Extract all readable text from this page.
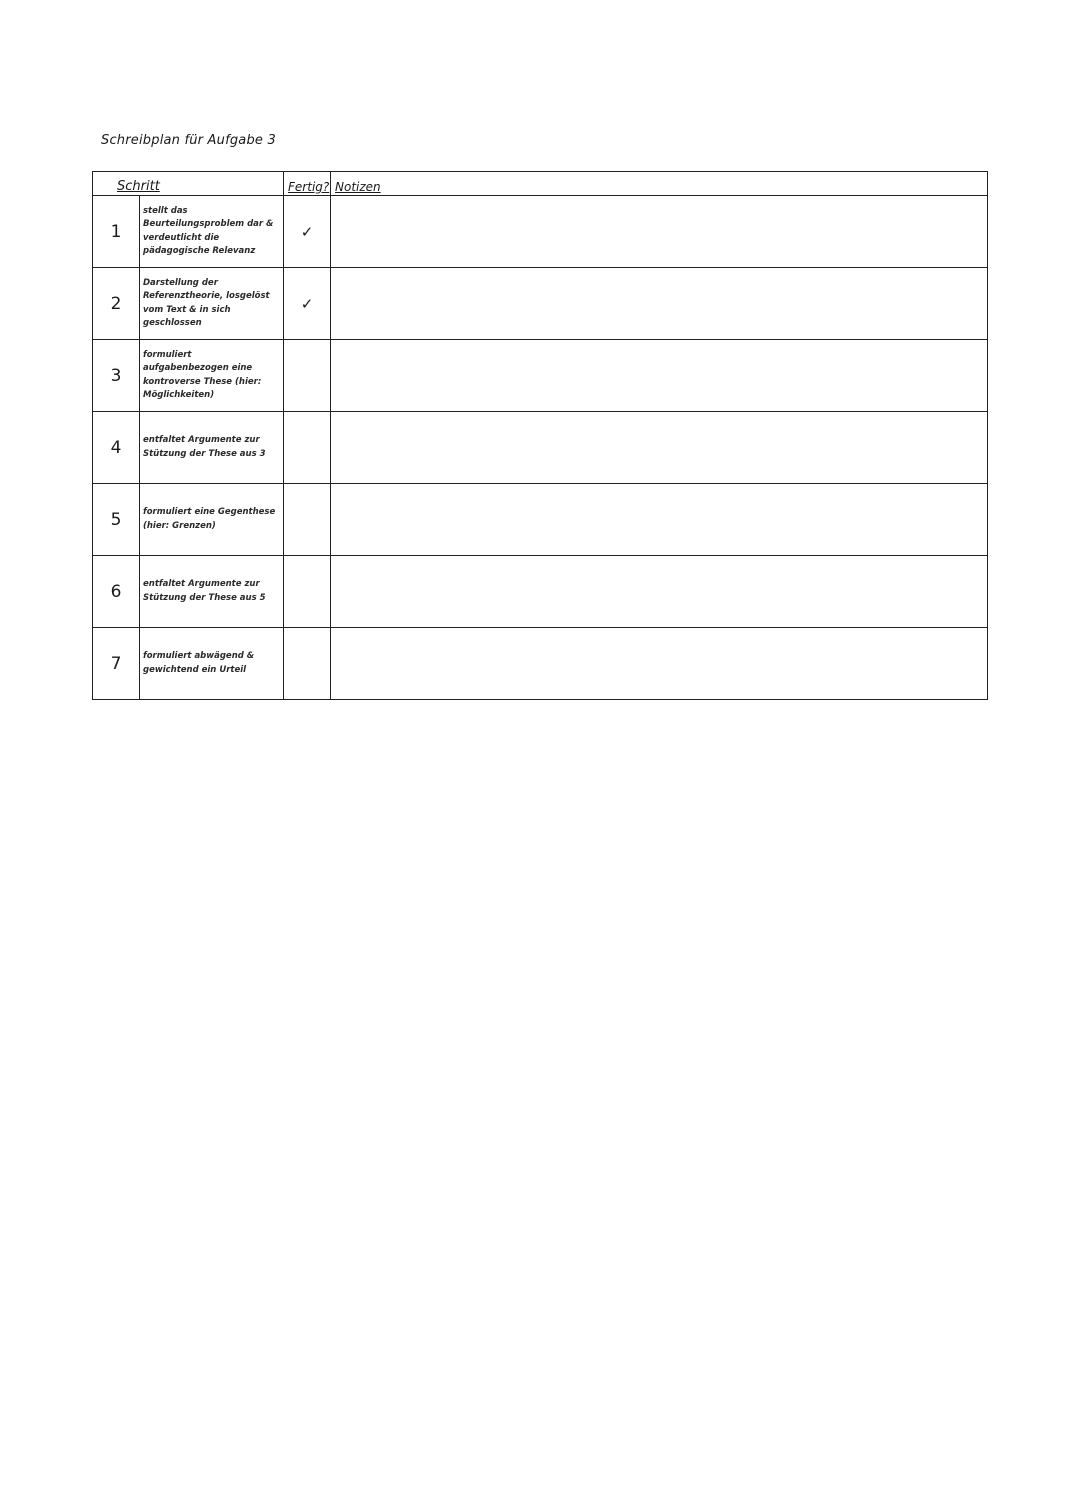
Schreibplan für Aufgabe 3
Schritt		Fertig?	Notizen
1	stellt das Beurteilungsproblem dar & verdeutlicht die pädagogische Relevanz	✓	
2	Darstellung der Referenztheorie, losgelöst vom Text & in sich geschlossen	✓	
3	formuliert aufgabenbezogen eine kontroverse These (hier: Möglichkeiten)		
4	entfaltet Argumente zur Stützung der These aus 3		
5	formuliert eine Gegenthese (hier: Grenzen)		
6	entfaltet Argumente zur Stützung der These aus 5		
7	formuliert abwägend & gewichtend ein Urteil		
